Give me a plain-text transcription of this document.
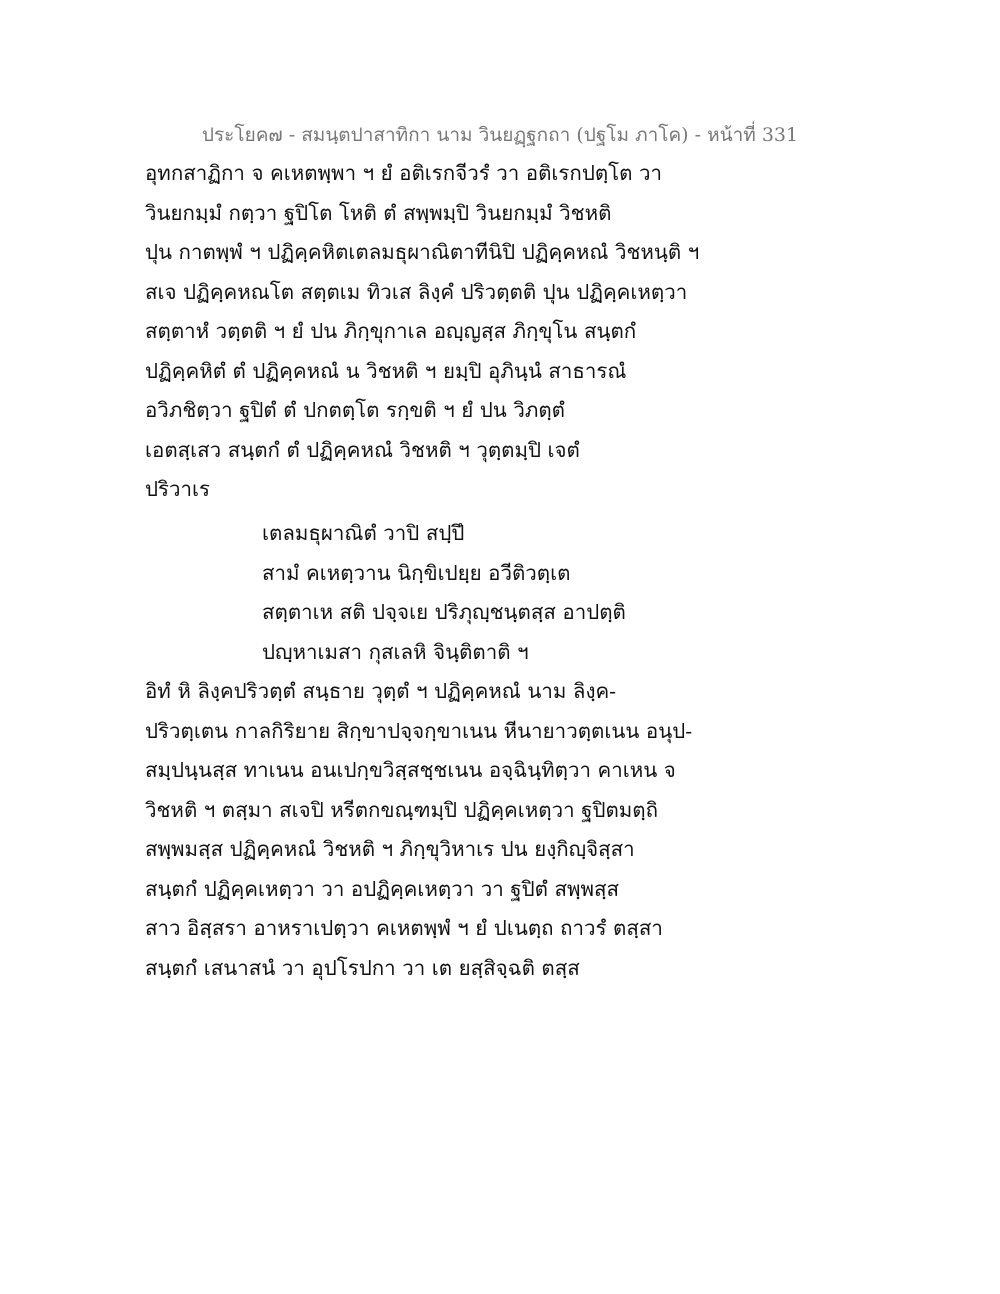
ประโยค๗ - สมนฺตปาสาทิกา นาม วินยฏฺฐกถา (ปฐโม ภาโค) - หน้าที่ 331
อุทกสาฏิกา จ คเหตพฺพา ฯ ยํ อติเรกจีวรํ วา อติเรกปตฺโต วา
วินยกมฺมํ กตฺวา ฐปิโต โหติ ตํ สพฺพมฺปิ วินยกมฺมํ วิชหติ
ปุน กาตพฺพํ ฯ ปฏิคฺคหิตเตลมธุผาณิตาทีนิปิ ปฏิคฺคหณํ วิชหนฺติ ฯ
สเจ ปฏิคฺคหณโต สตฺตเม ทิวเส ลิงฺคํ ปริวตฺตติ ปุน ปฏิคฺคเหตฺวา
สตฺตาหํ วตฺตติ ฯ ยํ ปน ภิกฺขุกาเล อญฺญสฺส ภิกฺขุโน สนฺตกํ
ปฏิคฺคหิตํ ตํ ปฏิคฺคหณํ น วิชหติ ฯ ยมฺปิ อุภินฺนํ สาธารณํ
อวิภชิตฺวา ฐปิตํ ตํ ปกตตฺโต รกฺขติ ฯ ยํ ปน วิภตฺตํ
เอตสฺเสว สนฺตกํ ตํ ปฏิคฺคหณํ วิชหติ ฯ วุตฺตมฺปิ เจตํ
ปริวาเร
เตลมธุผาณิตํ วาปิ สปฺปึ
สามํ คเหตฺวาน นิกฺขิเปยฺย อวีติวตฺเต
สตฺตาเห สติ ปจฺจเย ปริภุญฺชนฺตสฺส อาปตฺติ
ปญฺหาเมสา กุสเลหิ จินฺติตาติ ฯ
อิทํ หิ ลิงฺคปริวตฺตํ สนฺธาย วุตฺตํ ฯ ปฏิคฺคหณํ นาม ลิงฺค-
ปริวตฺเตน กาลกิริยาย สิกฺขาปจฺจกฺขาเนน หีนายาวตฺตเนน อนุป-
สมฺปนฺนสฺส ทาเนน อนเปกฺขวิสฺสชฺชเนน อจฺฉินฺทิตฺวา คาเหน จ
วิชหติ ฯ ตสฺมา สเจปิ หรีตกขณฺฑมฺปิ ปฏิคฺคเหตฺวา ฐปิตมตฺถิ
สพฺพมสฺส ปฏิคฺคหณํ วิชหติ ฯ ภิกฺขุวิหาเร ปน ยงฺกิญฺจิสฺสา
สนฺตกํ ปฏิคฺคเหตฺวา วา อปฏิคฺคเหตฺวา วา ฐปิตํ สพฺพสฺส
สาว อิสฺสรา อาหราเปตฺวา คเหตพฺพํ ฯ ยํ ปเนตฺถ ถาวรํ ตสฺสา
สนฺตกํ เสนาสนํ วา อุปโรปกา วา เต ยสฺสิจฺฉติ ตสฺส
